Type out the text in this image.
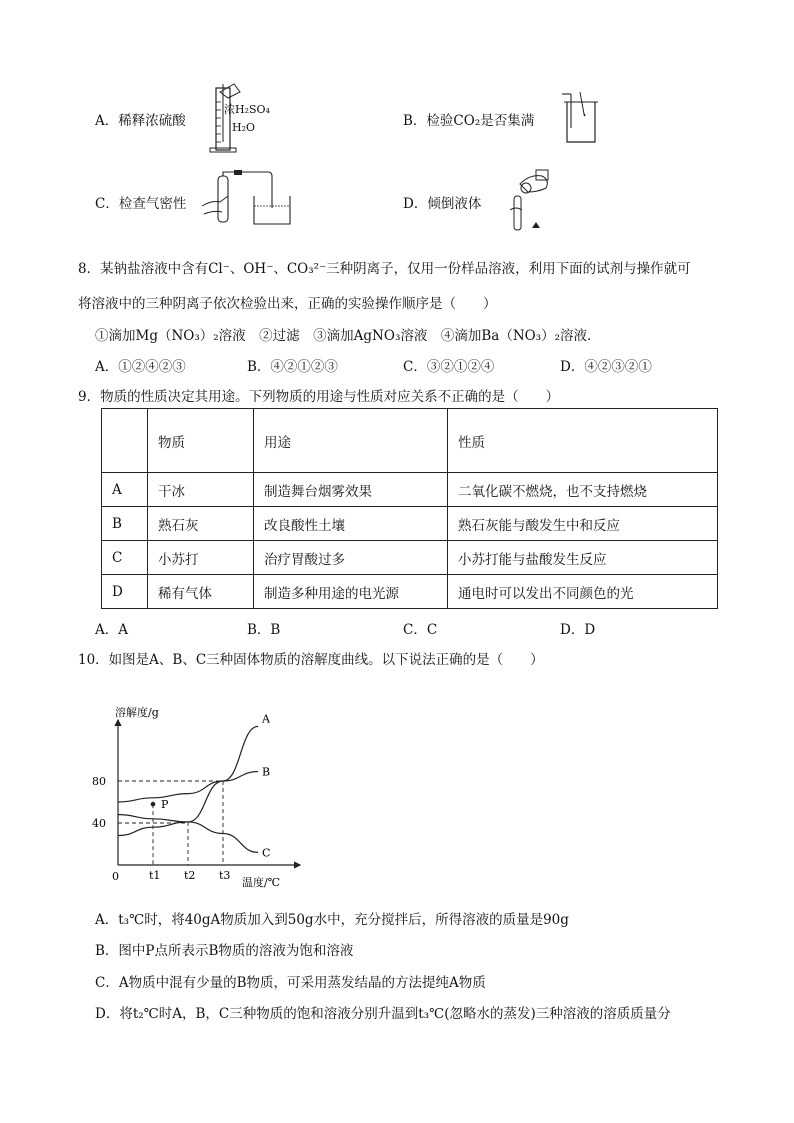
A．稀释浓硫酸
浓H₂SO₄
H₂O	B．检验CO₂是否集满
C．检查气密性	D．倾倒液体
8．某钠盐溶液中含有Cl⁻、OH⁻、CO₃²⁻三种阴离子，仅用一份样品溶液，利用下面的试剂与操作就可
将溶液中的三种阴离子依次检验出来，正确的实验操作顺序是（　　）
①滴加Mg（NO₃）₂溶液　②过滤　③滴加AgNO₃溶液　④滴加Ba（NO₃）₂溶液．
A．①②④②③	B．④②①②③	C．③②①②④	D．④②③②①
9．物质的性质决定其用途。下列物质的用途与性质对应关系不正确的是（　　）
	物质	用途	性质
A	干冰	制造舞台烟雾效果	二氧化碳不燃烧，也不支持燃烧
B	熟石灰	改良酸性土壤	熟石灰能与酸发生中和反应
C	小苏打	治疗胃酸过多	小苏打能与盐酸发生反应
D	稀有气体	制造多种用途的电光源	通电时可以发出不同颜色的光
A．A	B．B	C．C	D．D
10．如图是A、B、C三种固体物质的溶解度曲线。以下说法正确的是（　　）
溶解度/g
温度/℃
0	t1 t2 t3
40
80
A
B
C
P
A．t₃℃时，将40gA物质加入到50g水中，充分搅拌后，所得溶液的质量是90g
B．图中P点所表示B物质的溶液为饱和溶液
C．A物质中混有少量的B物质，可采用蒸发结晶的方法提纯A物质
D．将t₂℃时A，B，C三种物质的饱和溶液分别升温到t₃℃(忽略水的蒸发)三种溶液的溶质质量分
